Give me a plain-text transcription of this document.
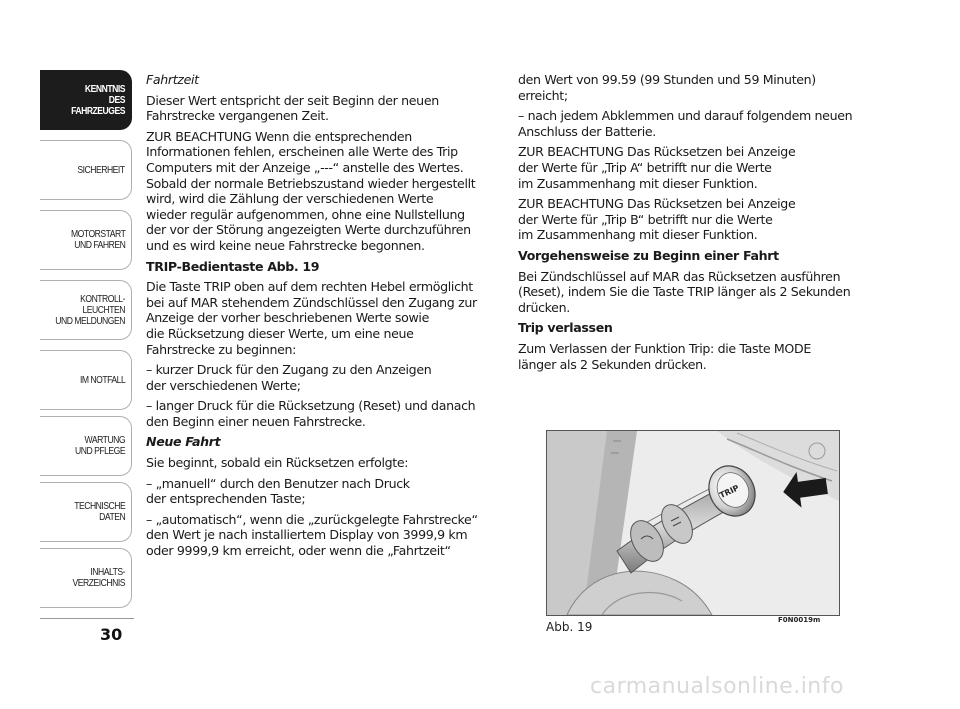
KENNTNIS
DES FAHRZEUGES
SICHERHEIT
MOTORSTART
UND FAHREN
KONTROLL-
LEUCHTEN
UND MELDUNGEN
IM NOTFALL
WARTUNG
UND PFLEGE
TECHNISCHE
DATEN
INHALTS-
VERZEICHNIS
30

Fahrtzeit

Dieser Wert entspricht der seit Beginn der neuen
Fahrstrecke vergangenen Zeit.

ZUR BEACHTUNG Wenn die entsprechenden
Informationen fehlen, erscheinen alle Werte des Trip
Computers mit der Anzeige „---“ anstelle des Wertes.
Sobald der normale Betriebszustand wieder hergestellt
wird, wird die Zählung der verschiedenen Werte
wieder regulär aufgenommen, ohne eine Nullstellung
der vor der Störung angezeigten Werte durchzuführen
und es wird keine neue Fahrstrecke begonnen.

TRIP-Bedientaste Abb. 19

Die Taste TRIP oben auf dem rechten Hebel ermöglicht
bei auf MAR stehendem Zündschlüssel den Zugang zur
Anzeige der vorher beschriebenen Werte sowie
die Rücksetzung dieser Werte, um eine neue
Fahrstrecke zu beginnen:

– kurzer Druck für den Zugang zu den Anzeigen
der verschiedenen Werte;

– langer Druck für die Rücksetzung (Reset) und danach
den Beginn einer neuen Fahrstrecke.

Neue Fahrt

Sie beginnt, sobald ein Rücksetzen erfolgte:

– „manuell“ durch den Benutzer nach Druck
der entsprechenden Taste;

– „automatisch“, wenn die „zurückgelegte Fahrstrecke“
den Wert je nach installiertem Display von 3999,9 km
oder 9999,9 km erreicht, oder wenn die „Fahrtzeit“

den Wert von 99.59 (99 Stunden und 59 Minuten)
erreicht;

– nach jedem Abklemmen und darauf folgendem neuen
Anschluss der Batterie.

ZUR BEACHTUNG Das Rücksetzen bei Anzeige
der Werte für „Trip A“ betrifft nur die Werte
im Zusammenhang mit dieser Funktion.

ZUR BEACHTUNG Das Rücksetzen bei Anzeige
der Werte für „Trip B“ betrifft nur die Werte
im Zusammenhang mit dieser Funktion.

Vorgehensweise zu Beginn einer Fahrt

Bei Zündschlüssel auf MAR das Rücksetzen ausführen
(Reset), indem Sie die Taste TRIP länger als 2 Sekunden
drücken.

Trip verlassen

Zum Verlassen der Funktion Trip: die Taste MODE
länger als 2 Sekunden drücken.

TRIP
F0N0019m
Abb. 19
carmanualsonline.info
